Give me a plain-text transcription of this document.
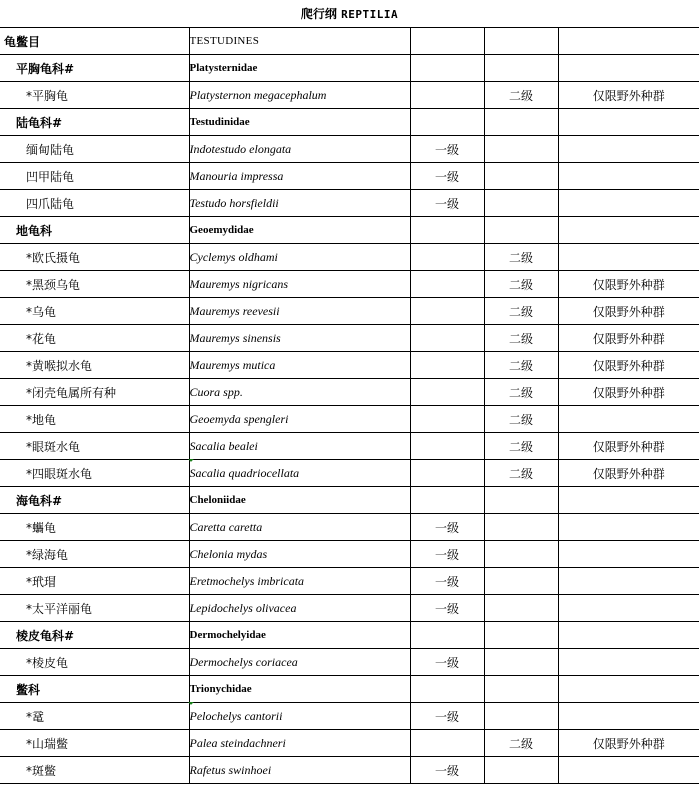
爬行纲 REPTILIA
龟鳖目	TESTUDINES			
平胸龟科#	Platysternidae			
*平胸龟	Platysternon megacephalum		二级	仅限野外种群
陆龟科#	Testudinidae			
缅甸陆龟	Indotestudo elongata	一级		
凹甲陆龟	Manouria impressa	一级		
四爪陆龟	Testudo horsfieldii	一级		
地龟科	Geoemydidae			
*欧氏摄龟	Cyclemys oldhami		二级	
*黑颈乌龟	Mauremys nigricans		二级	仅限野外种群
*乌龟	Mauremys reevesii		二级	仅限野外种群
*花龟	Mauremys sinensis		二级	仅限野外种群
*黄喉拟水龟	Mauremys mutica		二级	仅限野外种群
*闭壳龟属所有种	Cuora spp.		二级	仅限野外种群
*地龟	Geoemyda spengleri		二级	
*眼斑水龟	Sacalia bealei		二级	仅限野外种群
*四眼斑水龟	Sacalia quadriocellata		二级	仅限野外种群
海龟科#	Cheloniidae			
*蠵龟	Caretta caretta	一级		
*绿海龟	Chelonia mydas	一级		
*玳瑁	Eretmochelys imbricata	一级		
*太平洋丽龟	Lepidochelys olivacea	一级		
棱皮龟科#	Dermochelyidae			
*棱皮龟	Dermochelys coriacea	一级		
鳖科	Trionychidae			
*鼋	Pelochelys cantorii	一级		
*山瑞鳖	Palea steindachneri		二级	仅限野外种群
*斑鳖	Rafetus swinhoei	一级		
